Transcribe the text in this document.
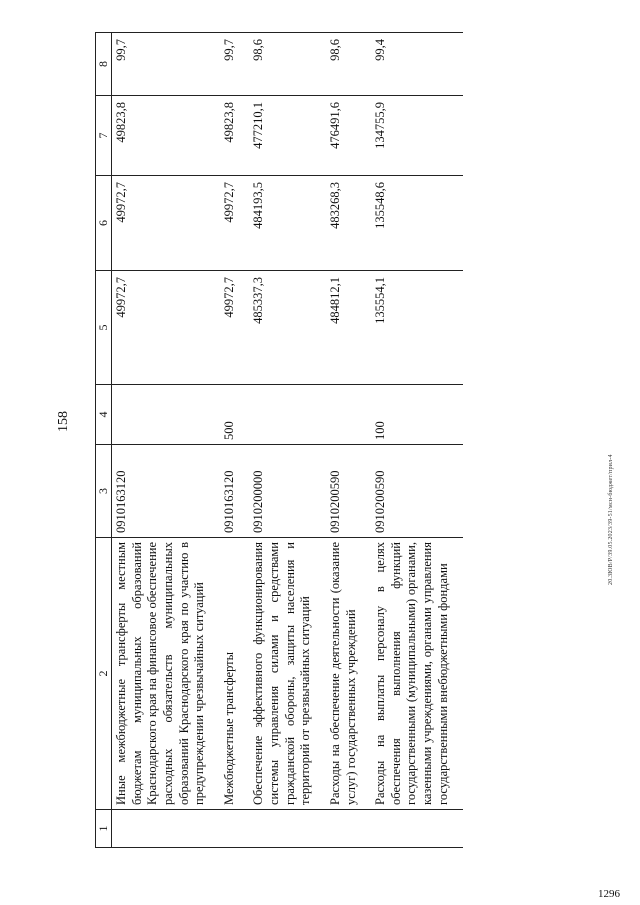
158
20.3ЮВ/Р/39.05.2023/39-51/мсн-бюджет/прил-4
1	2	3	4	5	6	7	8
	Иные межбюджетные трансферты местным бюджетам муниципальных образований Краснодарского края на финансовое обеспечение расходных обязательств муниципальных образований Краснодарского края по участию в предупреждении чрезвычайных ситуаций	0910163120		49972,7	49972,7	49823,8	99,7
	Межбюджетные трансферты	0910163120	500	49972,7	49972,7	49823,8	99,7
	Обеспечение эффективного функционирования системы управления силами и средствами гражданской обороны, защиты населения и территорий от чрезвычайных ситуаций	0910200000		485337,3	484193,5	477210,1	98,6
	Расходы на обеспечение деятельности (оказание услуг) государственных учреждений	0910200590		484812,1	483268,3	476491,6	98,6
	Расходы на выплаты персоналу в целях обеспечения выполнения функций государственными (муниципальными) органами, казенными учреждениями, органами управления государственными внебюджетными фондами	0910200590	100	135554,1	135548,6	134755,9	99,4
1296
